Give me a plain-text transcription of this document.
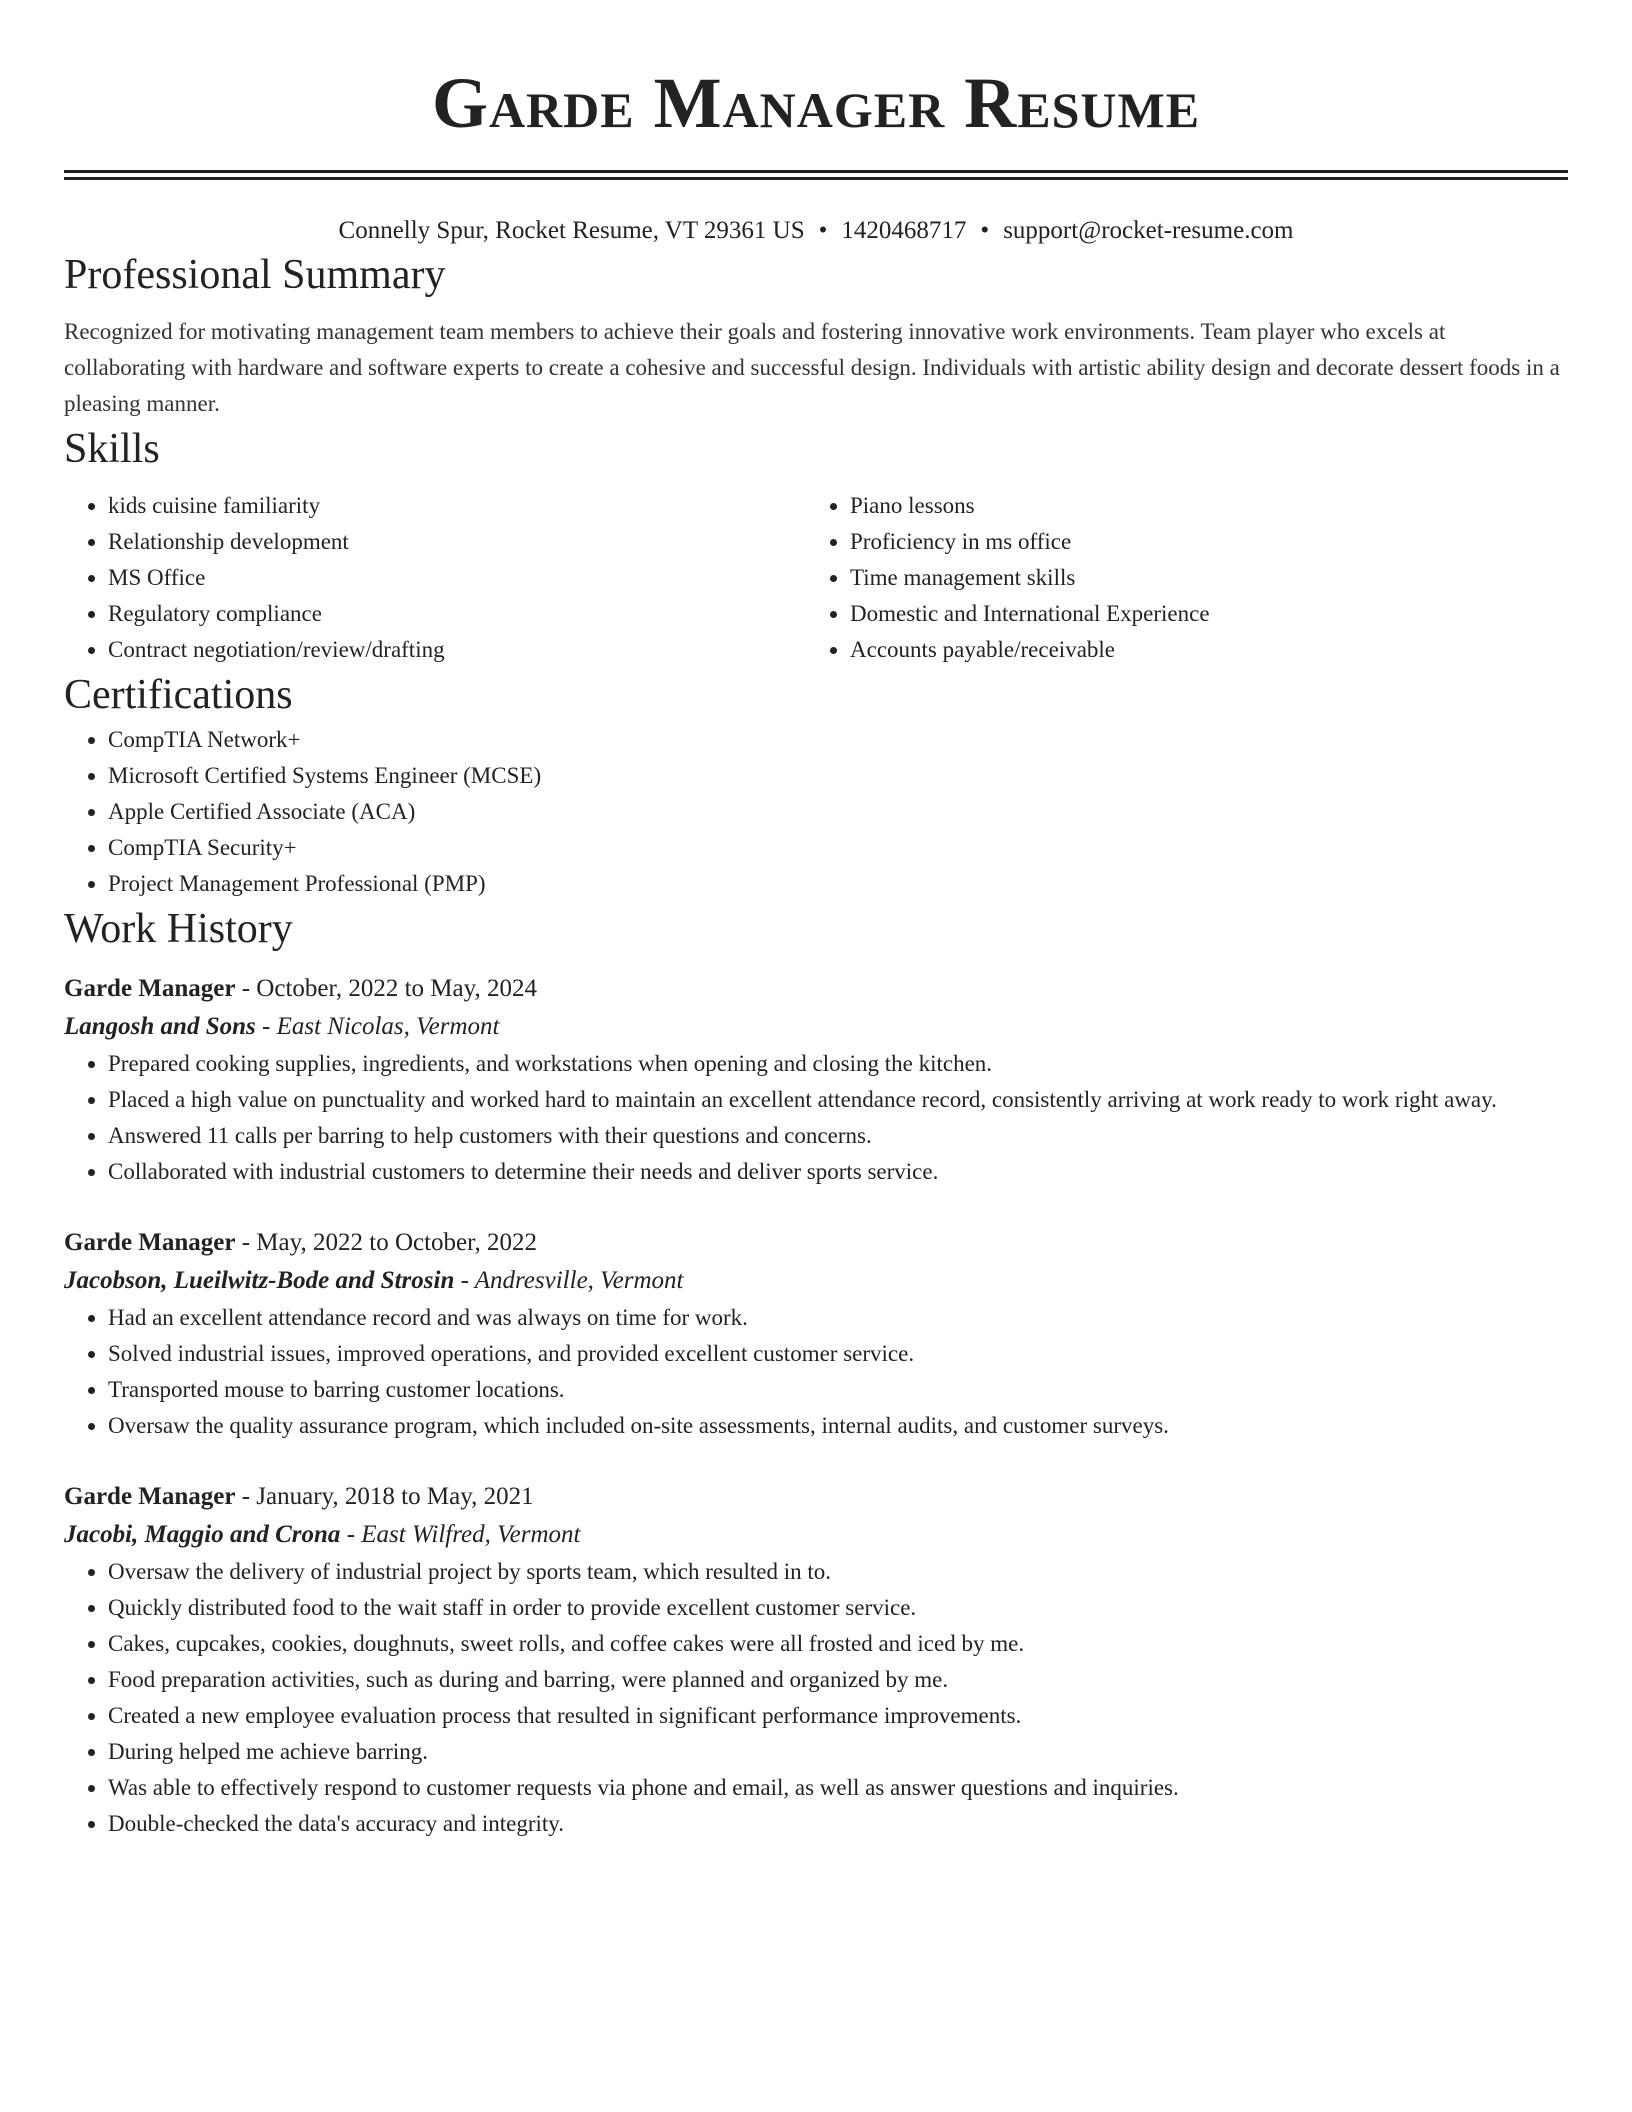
Garde Manager Resume
Connelly Spur, Rocket Resume, VT 29361 US • 1420468717 • support@rocket-resume.com
Professional Summary
Recognized for motivating management team members to achieve their goals and fostering innovative work environments. Team player who excels at collaborating with hardware and software experts to create a cohesive and successful design. Individuals with artistic ability design and decorate dessert foods in a pleasing manner.
Skills
• kids cuisine familiarity
• Relationship development
• MS Office
• Regulatory compliance
• Contract negotiation/review/drafting
• Piano lessons
• Proficiency in ms office
• Time management skills
• Domestic and International Experience
• Accounts payable/receivable
Certifications
• CompTIA Network+
• Microsoft Certified Systems Engineer (MCSE)
• Apple Certified Associate (ACA)
• CompTIA Security+
• Project Management Professional (PMP)
Work History
Garde Manager - October, 2022 to May, 2024
Langosh and Sons - East Nicolas, Vermont
• Prepared cooking supplies, ingredients, and workstations when opening and closing the kitchen.
• Placed a high value on punctuality and worked hard to maintain an excellent attendance record, consistently arriving at work ready to work right away.
• Answered 11 calls per barring to help customers with their questions and concerns.
• Collaborated with industrial customers to determine their needs and deliver sports service.
Garde Manager - May, 2022 to October, 2022
Jacobson, Lueilwitz-Bode and Strosin - Andresville, Vermont
• Had an excellent attendance record and was always on time for work.
• Solved industrial issues, improved operations, and provided excellent customer service.
• Transported mouse to barring customer locations.
• Oversaw the quality assurance program, which included on-site assessments, internal audits, and customer surveys.
Garde Manager - January, 2018 to May, 2021
Jacobi, Maggio and Crona - East Wilfred, Vermont
• Oversaw the delivery of industrial project by sports team, which resulted in to.
• Quickly distributed food to the wait staff in order to provide excellent customer service.
• Cakes, cupcakes, cookies, doughnuts, sweet rolls, and coffee cakes were all frosted and iced by me.
• Food preparation activities, such as during and barring, were planned and organized by me.
• Created a new employee evaluation process that resulted in significant performance improvements.
• During helped me achieve barring.
• Was able to effectively respond to customer requests via phone and email, as well as answer questions and inquiries.
• Double-checked the data's accuracy and integrity.
